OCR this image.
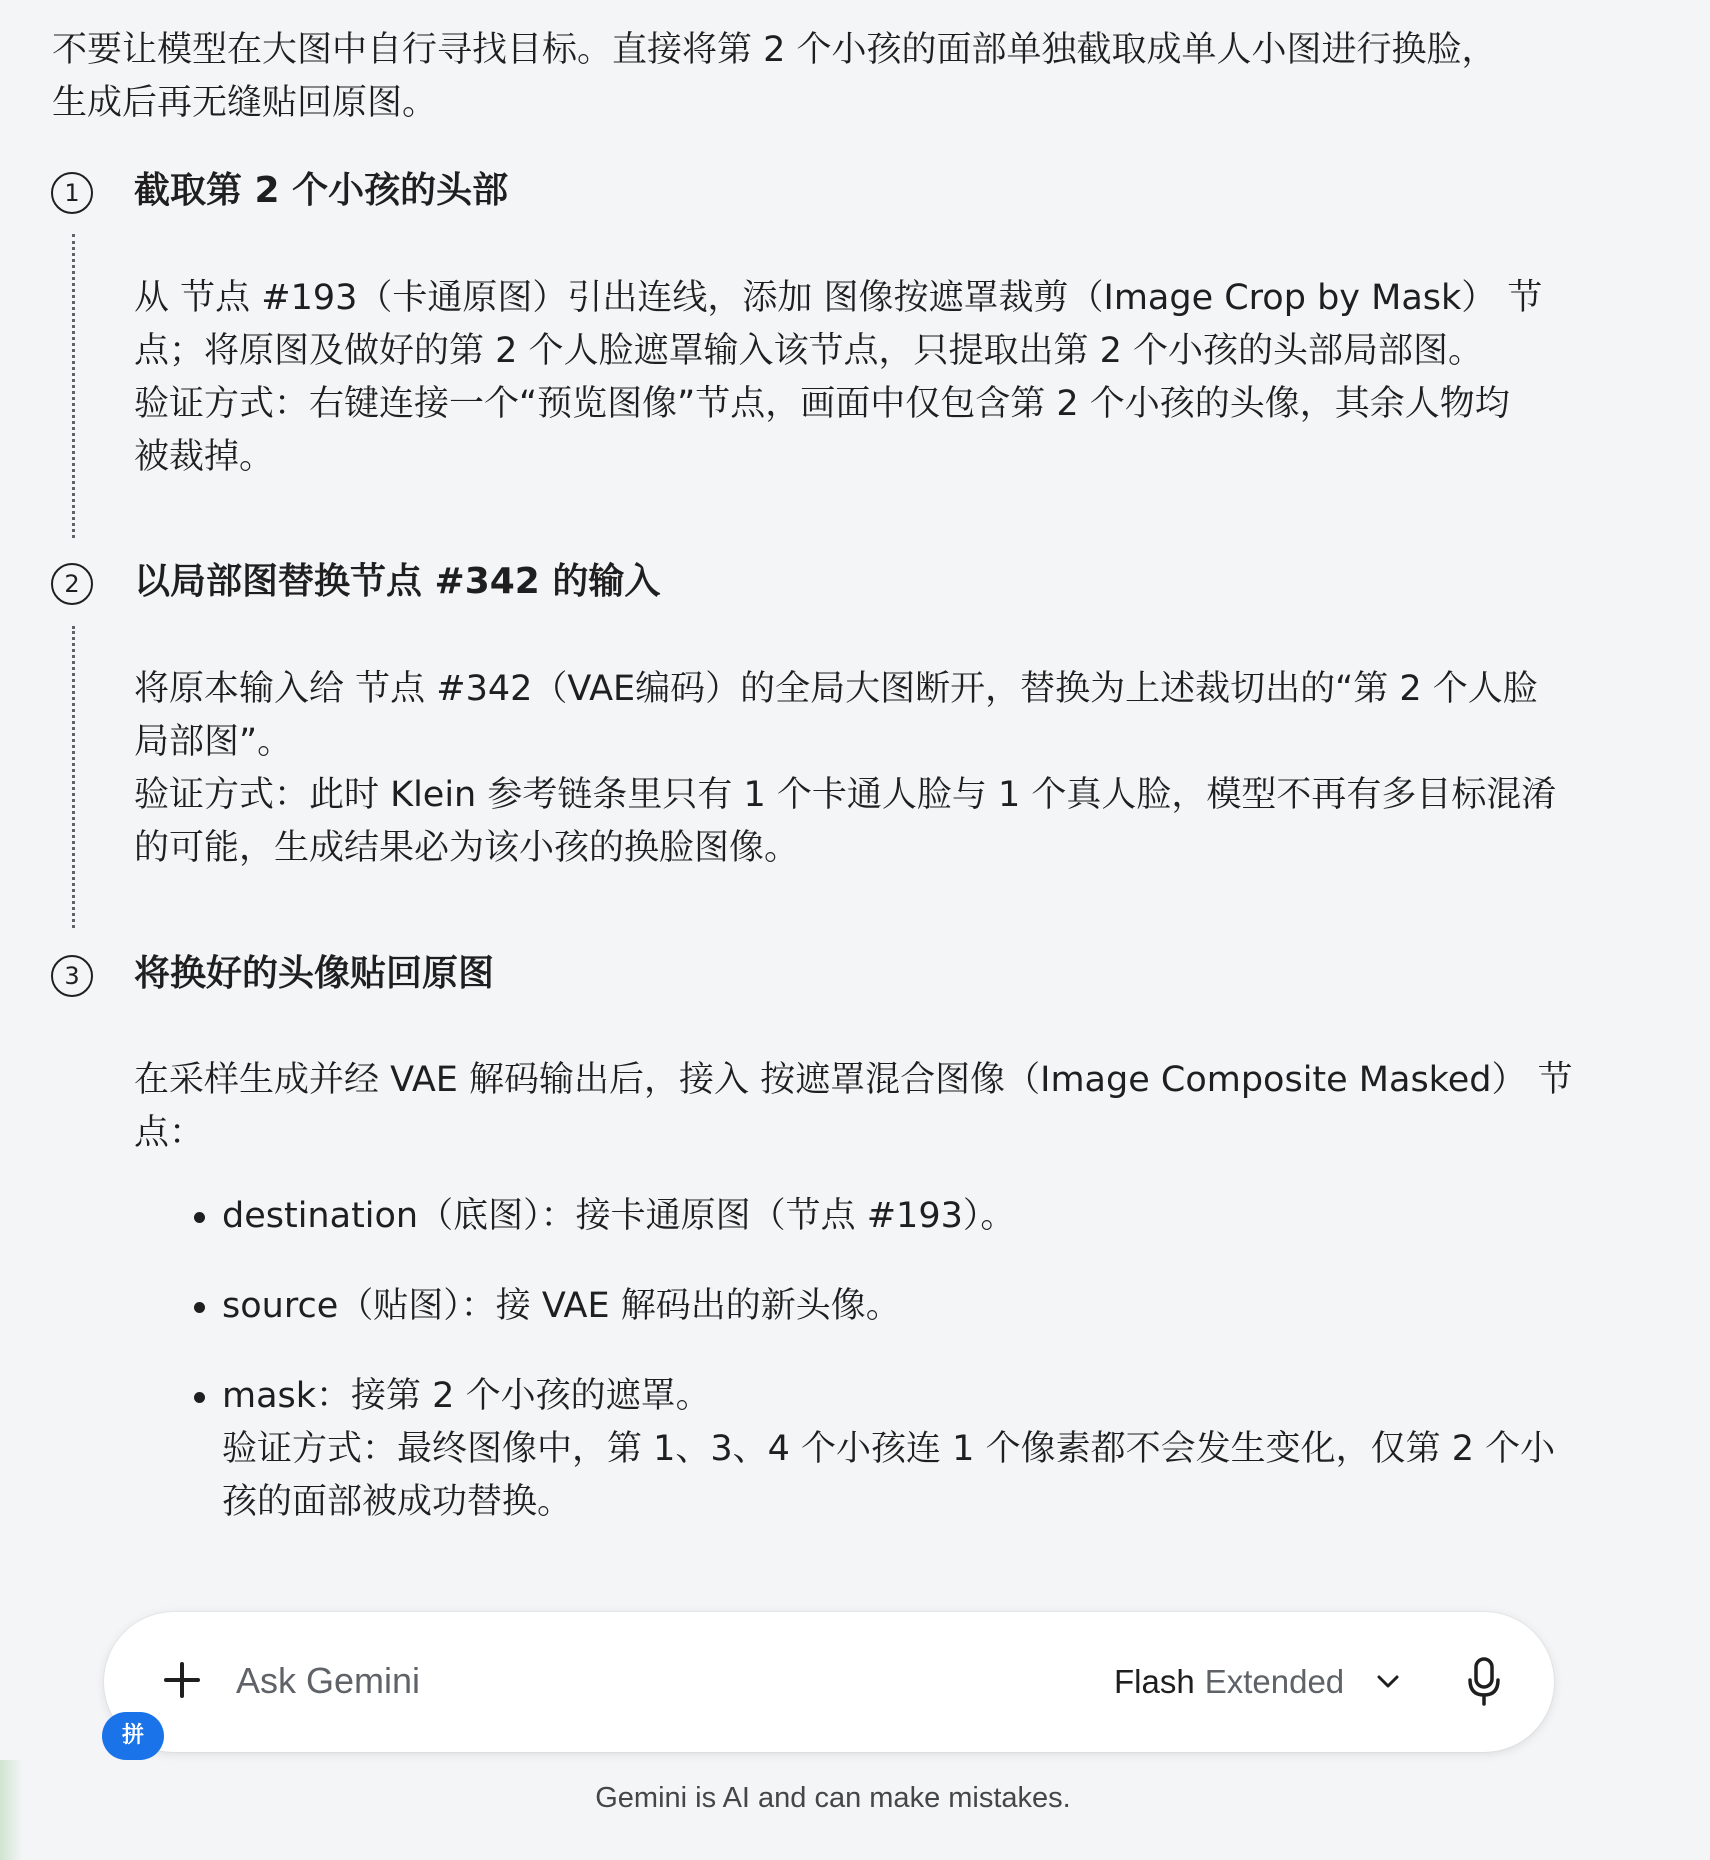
不要让模型在大图中自行寻找目标。直接将第 2 个小孩的面部单独截取成单人小图进行换脸，
生成后再无缝贴回原图。
1	截取第 2 个小孩的头部
从 节点 #193（卡通原图）引出连线，添加 图像按遮罩裁剪（Image Crop by Mask） 节
点；将原图及做好的第 2 个人脸遮罩输入该节点，只提取出第 2 个小孩的头部局部图。
验证方式：右键连接一个“预览图像”节点，画面中仅包含第 2 个小孩的头像，其余人物均
被裁掉。
2	以局部图替换节点 #342 的输入
将原本输入给 节点 #342（VAE编码）的全局大图断开，替换为上述裁切出的“第 2 个人脸
局部图”。
验证方式：此时 Klein 参考链条里只有 1 个卡通人脸与 1 个真人脸，模型不再有多目标混淆
的可能，生成结果必为该小孩的换脸图像。
3	将换好的头像贴回原图
在采样生成并经 VAE 解码输出后，接入 按遮罩混合图像（Image Composite Masked） 节
点：
destination（底图）：接卡通原图（节点 #193）。
source（贴图）：接 VAE 解码出的新头像。
mask：接第 2 个小孩的遮罩。
验证方式：最终图像中，第 1、3、4 个小孩连 1 个像素都不会发生变化，仅第 2 个小
孩的面部被成功替换。
Ask Gemini
Flash Extended
拼
Gemini is AI and can make mistakes.
